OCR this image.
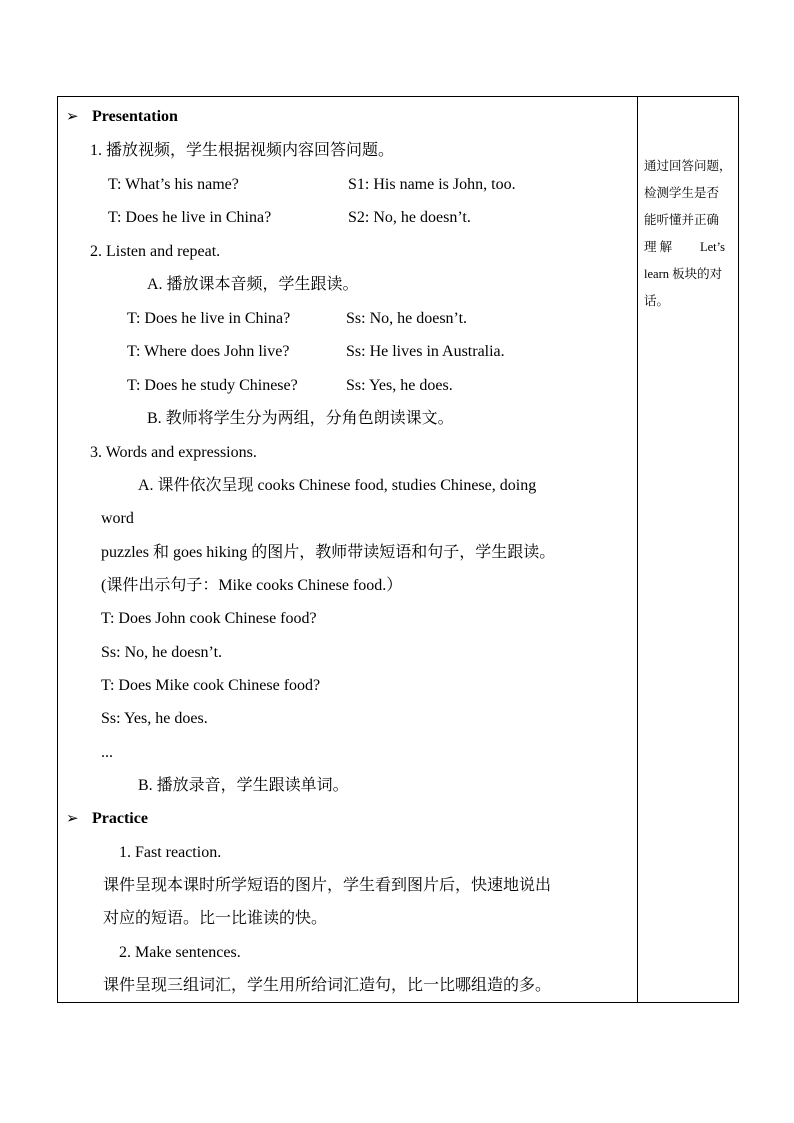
➢ Presentation
1. 播放视频，学生根据视频内容回答问题。
T: What’s his name?	S1: His name is John, too.
T: Does he live in China?	S2: No, he doesn’t.
2. Listen and repeat.
A. 播放课本音频，学生跟读。
T: Does he live in China?	Ss: No, he doesn’t.
T: Where does John live?	Ss: He lives in Australia.
T: Does he study Chinese?	Ss: Yes, he does.
B. 教师将学生分为两组，分角色朗读课文。
3. Words and expressions.
A. 课件依次呈现 cooks Chinese food, studies Chinese, doing
word
puzzles 和 goes hiking 的图片，教师带读短语和句子，学生跟读。
(课件出示句子：Mike cooks Chinese food.）
T: Does John cook Chinese food?
Ss: No, he doesn’t.
T: Does Mike cook Chinese food?
Ss: Yes, he does.
...
B. 播放录音，学生跟读单词。
➢ Practice
1. Fast reaction.
课件呈现本课时所学短语的图片，学生看到图片后，快速地说出
对应的短语。比一比谁读的快。
2. Make sentences.
课件呈现三组词汇，学生用所给词汇造句，比一比哪组造的多。

通过回答问题，
检测学生是否
能听懂并正确
理 解 Let’s
learn 板块的对
话。
